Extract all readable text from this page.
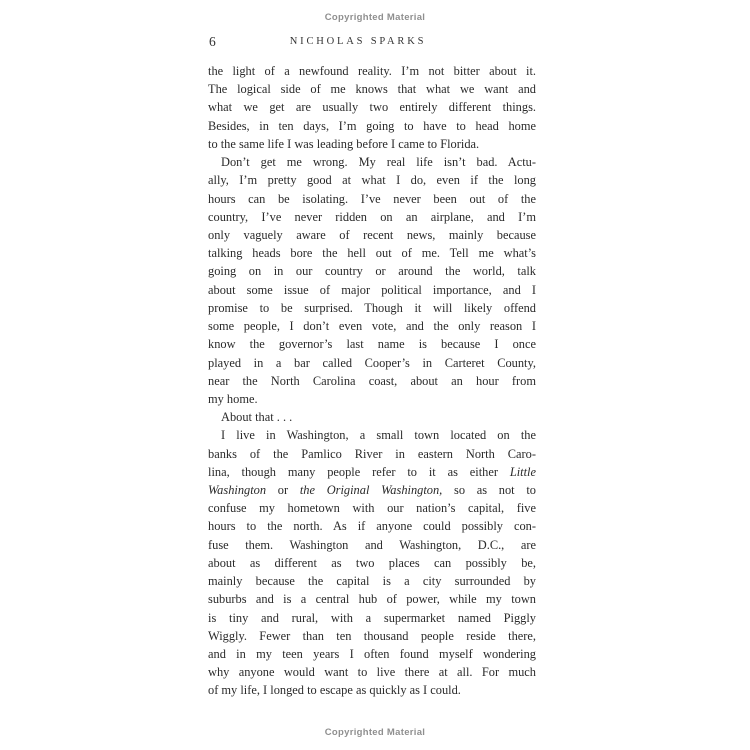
Copyrighted Material
6	NICHOLAS SPARKS
the light of a newfound reality. I’m not bitter about it.
The logical side of me knows that what we want and
what we get are usually two entirely different things.
Besides, in ten days, I’m going to have to head home
to the same life I was leading before I came to Florida.
Don’t get me wrong. My real life isn’t bad. Actu-
ally, I’m pretty good at what I do, even if the long
hours can be isolating. I’ve never been out of the
country, I’ve never ridden on an airplane, and I’m
only vaguely aware of recent news, mainly because
talking heads bore the hell out of me. Tell me what’s
going on in our country or around the world, talk
about some issue of major political importance, and I
promise to be surprised. Though it will likely offend
some people, I don’t even vote, and the only reason I
know the governor’s last name is because I once
played in a bar called Cooper’s in Carteret County,
near the North Carolina coast, about an hour from
my home.
About that . . .
I live in Washington, a small town located on the
banks of the Pamlico River in eastern North Caro-
lina, though many people refer to it as either Little
Washington or the Original Washington, so as not to
confuse my hometown with our nation’s capital, five
hours to the north. As if anyone could possibly con-
fuse them. Washington and Washington, D.C., are
about as different as two places can possibly be,
mainly because the capital is a city surrounded by
suburbs and is a central hub of power, while my town
is tiny and rural, with a supermarket named Piggly
Wiggly. Fewer than ten thousand people reside there,
and in my teen years I often found myself wondering
why anyone would want to live there at all. For much
of my life, I longed to escape as quickly as I could.
Copyrighted Material
